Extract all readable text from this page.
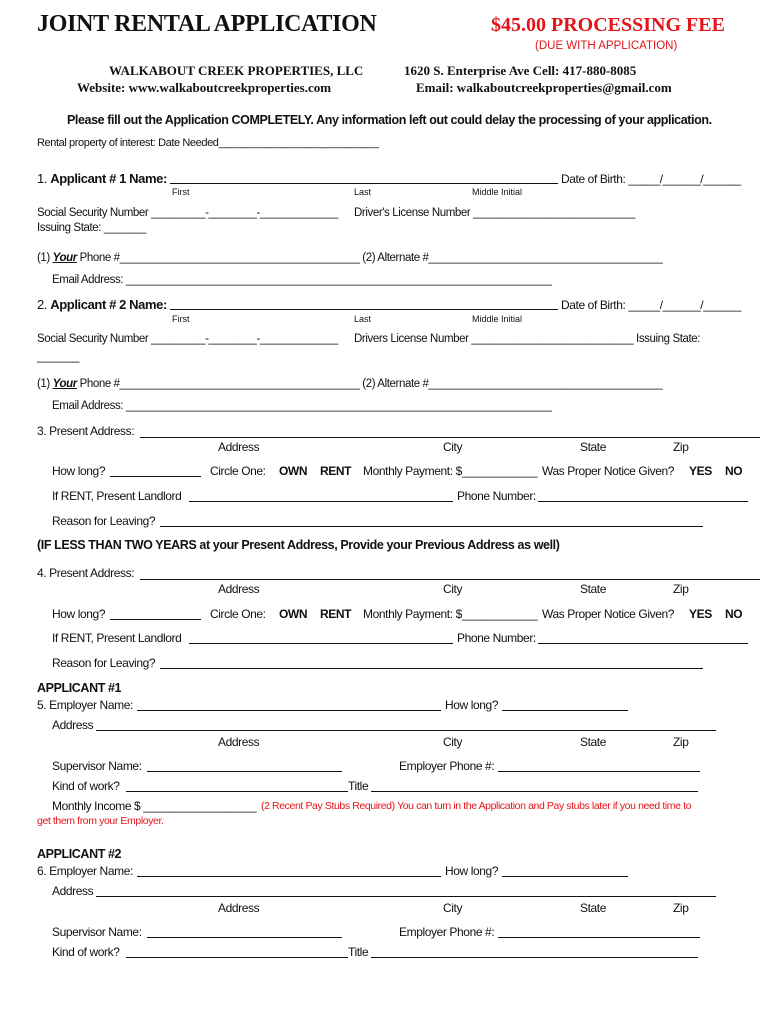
JOINT RENTAL APPLICATION	$45.00 PROCESSING FEE
(DUE WITH APPLICATION)
WALKABOUT CREEK PROPERTIES, LLC
Website: www.walkaboutcreekproperties.com
1620 S. Enterprise Ave Cell: 417-880-8085
Email: walkaboutcreekproperties@gmail.com
Please fill out the Application COMPLETELY. Any information left out could delay the processing of your application.
Rental property of interest: Date Needed____________________________
1. Applicant # 1 Name:	Date of Birth: _____/______/______
First	Last	Middle Initial
Social Security Number _________-________-_____________ Driver's License Number ___________________________
Issuing State: _______
(1) Your Phone #________________________________________ (2) Alternate #_______________________________________
Email Address: _______________________________________________________________________
2. Applicant # 2 Name:	Date of Birth: _____/______/______
First	Last	Middle Initial
Social Security Number _________-________-_____________ Drivers License Number ___________________________ Issuing State:
_______
(1) Your Phone #________________________________________ (2) Alternate #_______________________________________
Email Address: _______________________________________________________________________
3. Present Address:
Address	City	State	Zip
How long?	Circle One: OWN RENT Monthly Payment: $____________ Was Proper Notice Given? YES NO
If RENT, Present Landlord	Phone Number:
Reason for Leaving?
(IF LESS THAN TWO YEARS at your Present Address, Provide your Previous Address as well)
4. Present Address:
Address	City	State	Zip
How long?	Circle One: OWN RENT Monthly Payment: $____________ Was Proper Notice Given? YES NO
If RENT, Present Landlord	Phone Number:
Reason for Leaving?
APPLICANT #1
5. Employer Name:	How long?
Address
Address	City	State	Zip
Supervisor Name:	Employer Phone #:
Kind of work?	Title
Monthly Income $ __________________ (2 Recent Pay Stubs Required) You can turn in the Application and Pay stubs later if you need time to
get them from your Employer.
APPLICANT #2
6. Employer Name:	How long?
Address
Address	City	State	Zip
Supervisor Name:	Employer Phone #:
Kind of work?	Title
